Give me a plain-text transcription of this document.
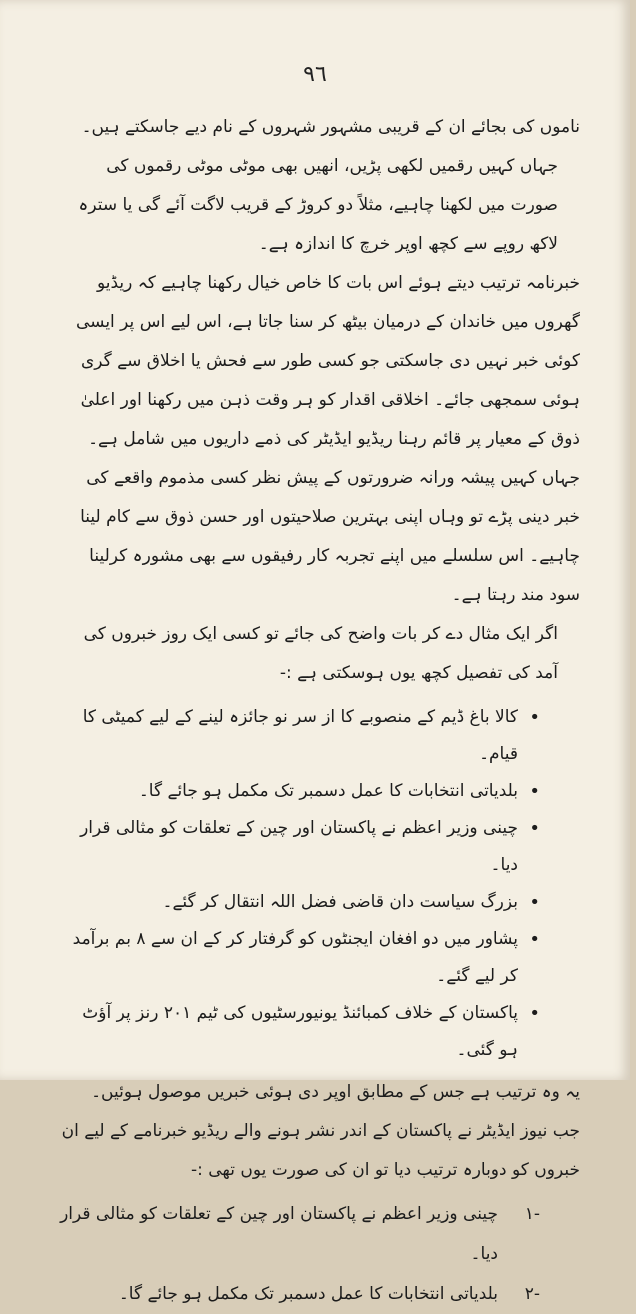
۹٦

ناموں کی بجائے ان کے قریبی مشہور شہروں کے نام دیے جاسکتے ہیں۔

جہاں کہیں رقمیں لکھی پڑیں، انھیں بھی موٹی موٹی رقموں کی صورت میں لکھنا چاہیے، مثلاً دو کروڑ کے قریب لاگت آئے گی یا سترہ لاکھ روپے سے کچھ اوپر خرچ کا اندازہ ہے۔

خبرنامہ ترتیب دیتے ہوئے اس بات کا خاص خیال رکھنا چاہیے کہ ریڈیو گھروں میں خاندان کے درمیان بیٹھ کر سنا جاتا ہے، اس لیے اس پر ایسی کوئی خبر نہیں دی جاسکتی جو کسی طور سے فحش یا اخلاق سے گری ہوئی سمجھی جائے۔ اخلاقی اقدار کو ہر وقت ذہن میں رکھنا اور اعلیٰ ذوق کے معیار پر قائم رہنا ریڈیو ایڈیٹر کی ذمے داریوں میں شامل ہے۔ جہاں کہیں پیشہ ورانہ ضرورتوں کے پیش نظر کسی مذموم واقعے کی خبر دینی پڑے تو وہاں اپنی بہترین صلاحیتوں اور حسن ذوق سے کام لینا چاہیے۔ اس سلسلے میں اپنے تجربہ کار رفیقوں سے بھی مشورہ کرلینا سود مند رہتا ہے۔

اگر ایک مثال دے کر بات واضح کی جائے تو کسی ایک روز خبروں کی آمد کی تفصیل کچھ یوں ہوسکتی ہے :-

•
کالا باغ ڈیم کے منصوبے کا از سر نو جائزہ لینے کے لیے کمیٹی کا قیام۔
•
بلدیاتی انتخابات کا عمل دسمبر تک مکمل ہو جائے گا۔
•
چینی وزیر اعظم نے پاکستان اور چین کے تعلقات کو مثالی قرار دیا۔
•
بزرگ سیاست دان قاضی فضل اللہ انتقال کر گئے۔
•
پشاور میں دو افغان ایجنٹوں کو گرفتار کر کے ان سے ۸ بم برآمد کر لیے گئے۔
•
پاکستان کے خلاف کمبائنڈ یونیورسٹیوں کی ٹیم ۲۰۱ رنز پر آؤٹ ہو گئی۔

یہ وہ ترتیب ہے جس کے مطابق اوپر دی ہوئی خبریں موصول ہوئیں۔ جب نیوز ایڈیٹر نے پاکستان کے اندر نشر ہونے والے ریڈیو خبرنامے کے لیے ان خبروں کو دوبارہ ترتیب دیا تو ان کی صورت یوں تھی :-

-۱
چینی وزیر اعظم نے پاکستان اور چین کے تعلقات کو مثالی قرار دیا۔
-۲
بلدیاتی انتخابات کا عمل دسمبر تک مکمل ہو جائے گا۔
